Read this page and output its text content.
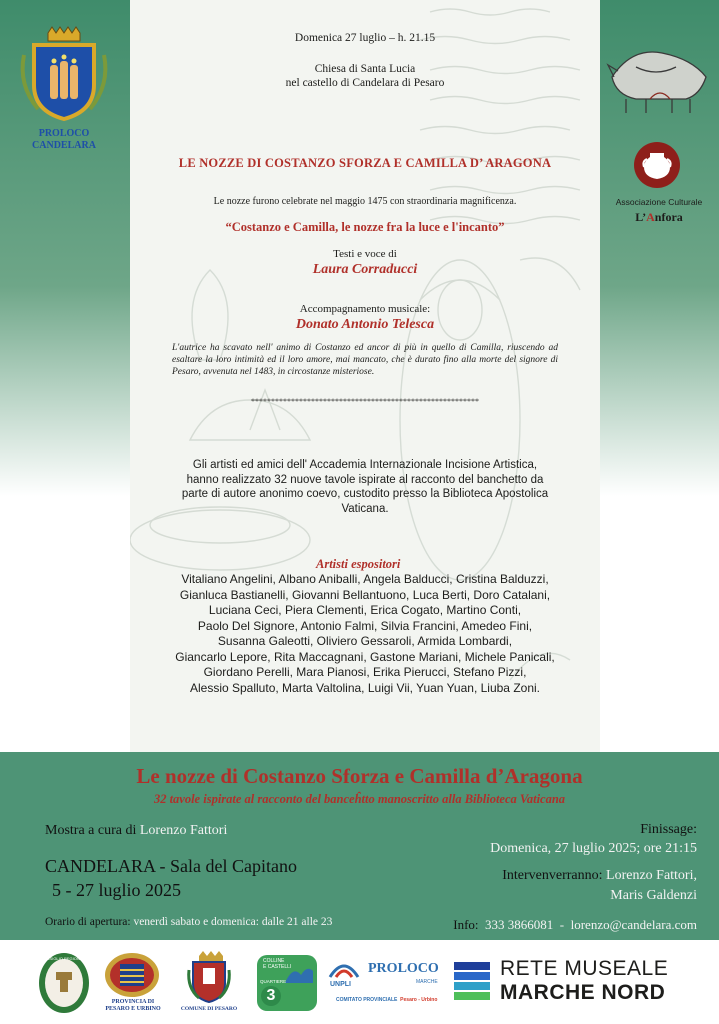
Domenica 27 luglio – h. 21.15
Chiesa di Santa Lucia
nel castello di Candelara di Pesaro
LE NOZZE DI COSTANZO SFORZA E CAMILLA D’ ARAGONA
Le nozze furono celebrate nel maggio 1475 con straordinaria magnificenza.
“Costanzo e Camilla, le nozze fra la luce e l'incanto”
Testi e voce di
Laura Corraducci
Accompagnamento musicale:
Donato Antonio Telesca
L'autrice ha scavato nell' animo di Costanzo ed ancor di più in quello di Camilla, riuscendo ad esaltare la loro intimità ed il loro amore, mai mancato, che è durato fino alla morte del signore di Pesaro, avvenuta nel 1483, in circostanze misteriose.
*********************************************************
Gli artisti ed amici dell' Accademia Internazionale Incisione Artistica,
hanno realizzato 32 nuove tavole ispirate al racconto del banchetto da
parte di autore anonimo coevo, custodito presso la Biblioteca Apostolica
Vaticana.
Artisti espositori
Vitaliano Angelini, Albano Aniballi, Angela Balducci, Cristina Balduzzi,
Gianluca Bastianelli, Giovanni Bellantuono, Luca Berti, Doro Catalani,
Luciana Ceci, Piera Clementi, Erica Cogato, Martino Conti,
Paolo Del Signore, Antonio Falmi, Silvia Francini, Amedeo Fini,
Susanna Galeotti, Oliviero Gessaroli, Armida Lombardi,
Giancarlo Lepore, Rita Maccagnani, Gastone Mariani, Michele Panicali,
Giordano Perelli, Mara Pianosi, Erika Pierucci, Stefano Pizzi,
Alessio Spalluto, Marta Valtolina, Luigi Vii, Yuan Yuan, Liuba Zoni.
PROLOCO
CANDELARA
Associazione Culturale
L’Anfora
Le nozze di Costanzo Sforza e Camilla d’Aragona
32 tavole ispirate al racconto del banceĥtto manoscritto alla Biblioteca Vaticana
Mostra a cura di Lorenzo Fattori
CANDELARA - Sala del Capitano
5 - 27 luglio 2025
Orario di apertura: venerdì sabato e domenica: dalle 21 alle 23
Finissage:
Domenica, 27 luglio 2025; ore 21:15
Intervenverranno: Lorenzo Fattori,
Maris Galdenzi
Info: 333 3866081 - lorenzo@candelara.com
CONSIGLIO REGIONALE
PROVINCIA DI
PESARO E URBINO	COMUNE DI PESARO
COLLINE
E CASTELLI
QUARTIERE
3
UNPLI
PROLOCO
MARCHE
COMITATO PROVINCIALE Pesaro - Urbino
RETE MUSEALE
MARCHE NORD
